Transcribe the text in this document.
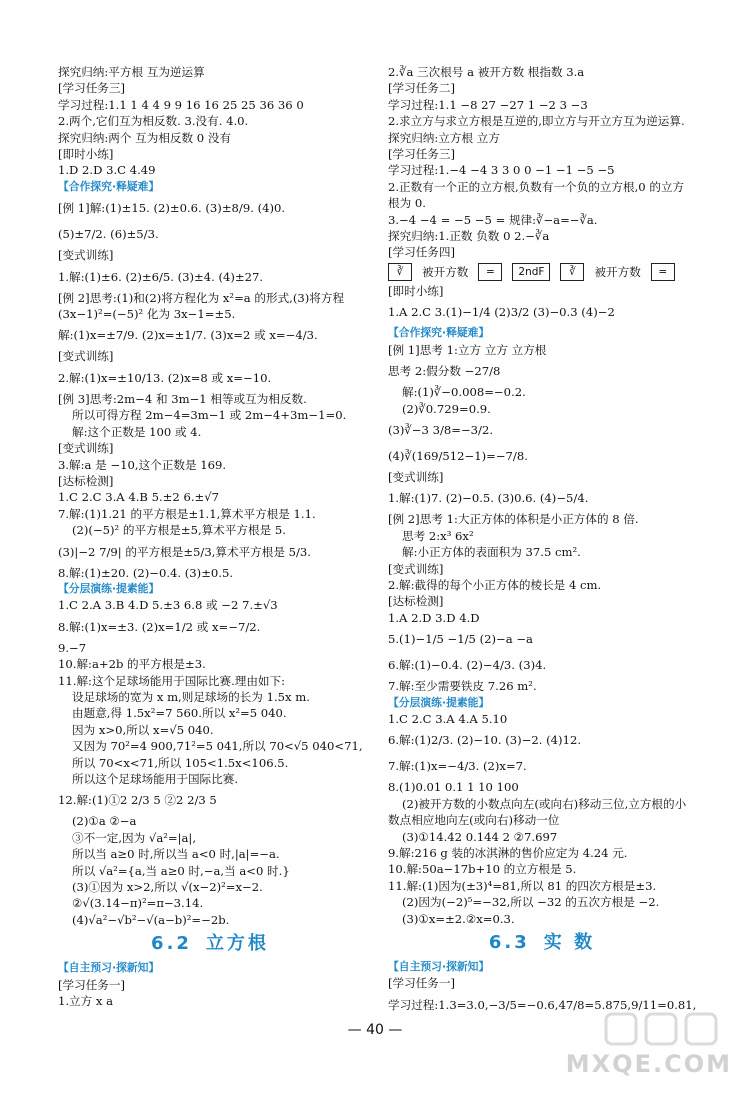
探究归纳:平方根 互为逆运算
[学习任务三]
学习过程:1.1 1 4 4 9 9 16 16 25 25 36 36 0
2.两个,它们互为相反数. 3.没有. 4.0.
探究归纳:两个 互为相反数 0 没有
[即时小练]
1.D 2.D 3.C 4.49
【合作探究·释疑难】
[例 1]解:(1)±15. (2)±0.6. (3)±8/9. (4)0.
(5)±7/2. (6)±5/3.
[变式训练]
1.解:(1)±6. (2)±6/5. (3)±4. (4)±27.
[例 2]思考:(1)和(2)将方程化为 x²=a 的形式,(3)将方程
(3x−1)²=(−5)² 化为 3x−1=±5.
解:(1)x=±7/9. (2)x=±1/7. (3)x=2 或 x=−4/3.
[变式训练]
2.解:(1)x=±10/13. (2)x=8 或 x=−10.
[例 3]思考:2m−4 和 3m−1 相等或互为相反数.
所以可得方程 2m−4=3m−1 或 2m−4+3m−1=0.
解:这个正数是 100 或 4.
[变式训练]
3.解:a 是 −10,这个正数是 169.
[达标检测]
1.C 2.C 3.A 4.B 5.±2 6.±√7
7.解:(1)1.21 的平方根是±1.1,算术平方根是 1.1.
(2)(−5)² 的平方根是±5,算术平方根是 5.
(3)|−2 7/9| 的平方根是±5/3,算术平方根是 5/3.
8.解:(1)±20. (2)−0.4. (3)±0.5.
【分层演练·提素能】
1.C 2.A 3.B 4.D 5.±3 6.8 或 −2 7.±√3
8.解:(1)x=±3. (2)x=1/2 或 x=−7/2.
9.−7
10.解:a+2b 的平方根是±3.
11.解:这个足球场能用于国际比赛.理由如下:
设足球场的宽为 x m,则足球场的长为 1.5x m.
由题意,得 1.5x²=7 560.所以 x²=5 040.
因为 x>0,所以 x=√5 040.
又因为 70²=4 900,71²=5 041,所以 70<√5 040<71,
所以 70<x<71,所以 105<1.5x<106.5.
所以这个足球场能用于国际比赛.
12.解:(1)①2 2/3 5 ②2 2/3 5
(2)①a ②−a
③不一定,因为 √a²=|a|,
所以当 a≥0 时,所以当 a<0 时,|a|=−a.
所以 √a²={a,当 a≥0 时,−a,当 a<0 时.}
(3)①因为 x>2,所以 √(x−2)²=x−2.
②√(3.14−π)²=π−3.14.
(4)√a²−√b²−√(a−b)²=−2b.
6.2 立方根
【自主预习·探新知】
[学习任务一]
1.立方 x a
2.∛a 三次根号 a 被开方数 根指数 3.a
[学习任务二]
学习过程:1.1 −8 27 −27 1 −2 3 −3
2.求立方与求立方根是互逆的,即立方与开立方互为逆运算.
探究归纳:立方根 立方
[学习任务三]
学习过程:1.−4 −4 3 3 0 0 −1 −1 −5 −5
2.正数有一个正的立方根,负数有一个负的立方根,0 的立方
根为 0.
3.−4 −4 = −5 −5 = 规律:∛−a=−∛a.
探究归纳:1.正数 负数 0 2.−∛a
[学习任务四]
∛	被开方数	=	2ndF	∛	被开方数	=
[即时小练]
1.A 2.C 3.(1)−1/4 (2)3/2 (3)−0.3 (4)−2
【合作探究·释疑难】
[例 1]思考 1:立方 立方 立方根
思考 2:假分数 −27/8
解:(1)∛−0.008=−0.2.
(2)∛0.729=0.9.
(3)∛−3 3/8=−3/2.
(4)∛(169/512−1)=−7/8.
[变式训练]
1.解:(1)7. (2)−0.5. (3)0.6. (4)−5/4.
[例 2]思考 1:大正方体的体积是小正方体的 8 倍.
思考 2:x³ 6x²
解:小正方体的表面积为 37.5 cm².
[变式训练]
2.解:截得的每个小正方体的棱长是 4 cm.
[达标检测]
1.A 2.D 3.D 4.D
5.(1)−1/5 −1/5 (2)−a −a
6.解:(1)−0.4. (2)−4/3. (3)4.
7.解:至少需要铁皮 7.26 m².
【分层演练·提素能】
1.C 2.C 3.A 4.A 5.10
6.解:(1)2/3. (2)−10. (3)−2. (4)12.
7.解:(1)x=−4/3. (2)x=7.
8.(1)0.01 0.1 1 10 100
(2)被开方数的小数点向左(或向右)移动三位,立方根的小
数点相应地向左(或向右)移动一位
(3)①14.42 0.144 2 ②7.697
9.解:216 g 装的冰淇淋的售价应定为 4.24 元.
10.解:50a−17b+10 的立方根是 5.
11.解:(1)因为(±3)⁴=81,所以 81 的四次方根是±3.
(2)因为(−2)⁵=−32,所以 −32 的五次方根是 −2.
(3)①x=±2.②x=0.3.
6.3 实 数
【自主预习·探新知】
[学习任务一]
学习过程:1.3=3.0,−3/5=−0.6,47/8=5.875,9/11=0.81,
— 40 —
MXQE.COM
